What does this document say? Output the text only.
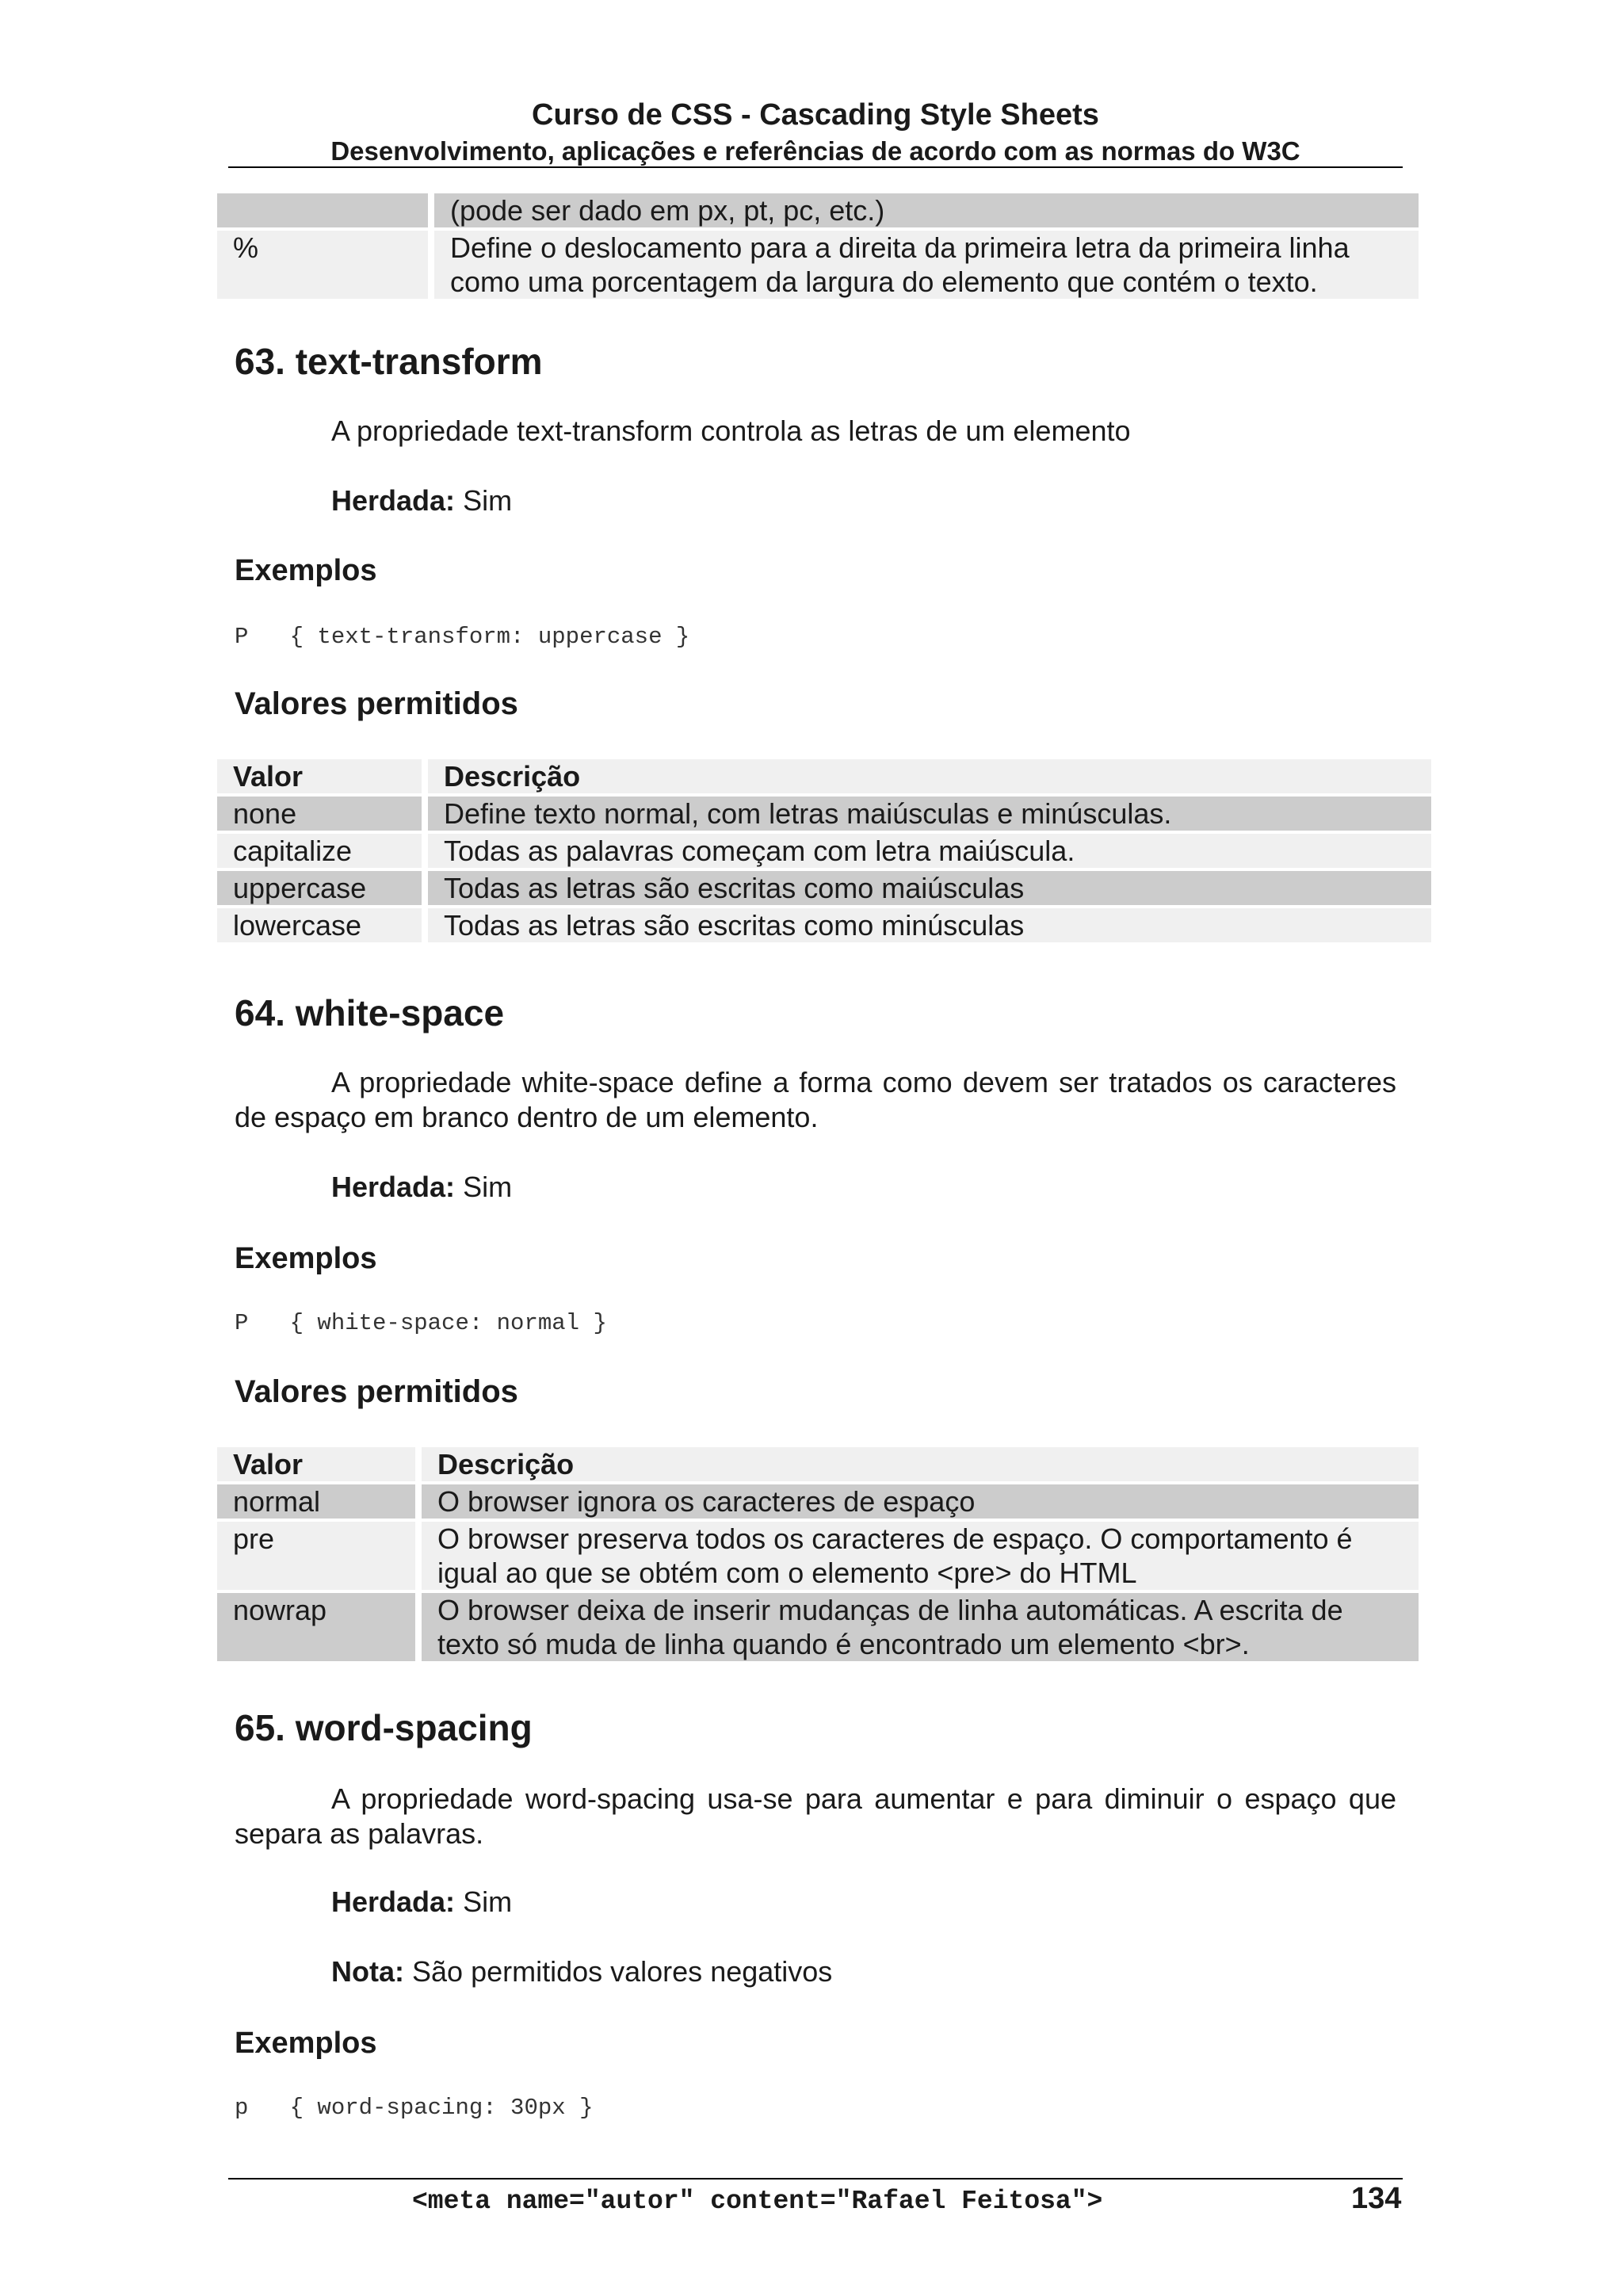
Curso de CSS - Cascading Style Sheets
Desenvolvimento, aplicações e referências de acordo com as normas do W3C
	(pode ser dado em px, pt, pc, etc.)
%	Define o deslocamento para a direita da primeira letra da primeira linha como uma porcentagem da largura do elemento que contém o texto.
63. text-transform
A propriedade text-transform controla as letras de um elemento
Herdada: Sim
Exemplos
P   { text-transform: uppercase }
Valores permitidos
Valor	Descrição
none	Define texto normal, com letras maiúsculas e minúsculas.
capitalize	Todas as palavras começam com letra maiúscula.
uppercase	Todas as letras são escritas como maiúsculas
lowercase	Todas as letras são escritas como minúsculas
64. white-space

A propriedade white-space define a forma como devem ser tratados os caracteres de espaço em branco dentro de um elemento.

Herdada: Sim
Exemplos
P   { white-space: normal }
Valores permitidos
Valor	Descrição
normal	O browser ignora os caracteres de espaço
pre	O browser preserva todos os caracteres de espaço. O comportamento é igual ao que se obtém com o elemento <pre> do HTML
nowrap	O browser deixa de inserir mudanças de linha automáticas. A escrita de texto só muda de linha quando é encontrado um elemento <br>.
65. word-spacing

A propriedade word-spacing usa-se para aumentar e para diminuir o espaço que separa as palavras.

Herdada: Sim
Nota: São permitidos valores negativos
Exemplos
p   { word-spacing: 30px }
<meta name="autor" content="Rafael Feitosa">	134
